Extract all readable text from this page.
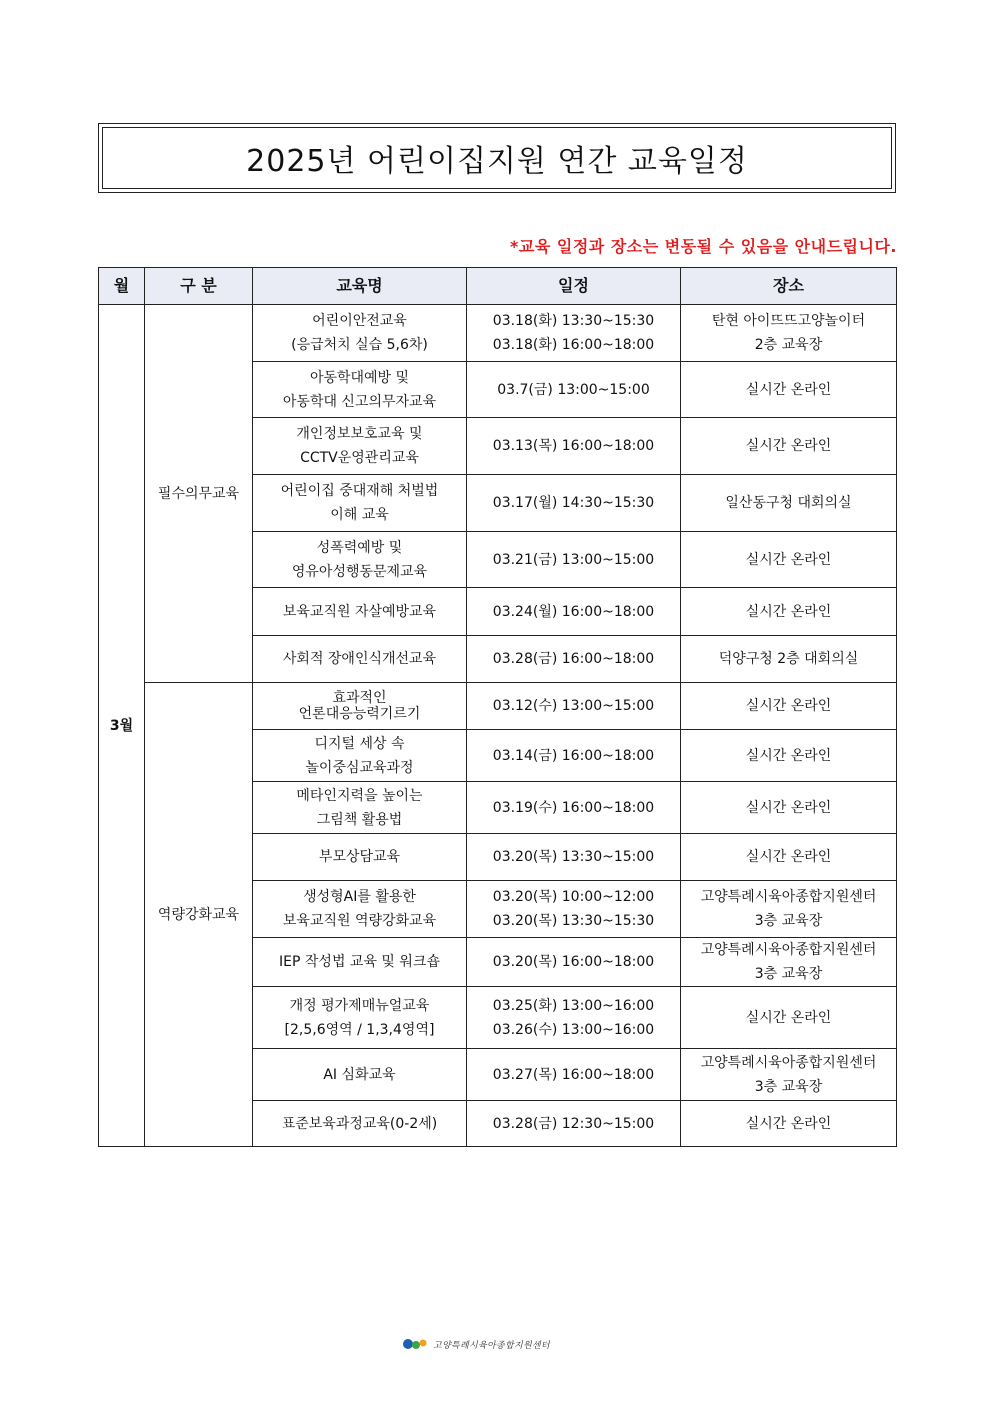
2025년 어린이집지원 연간 교육일정
*교육 일정과 장소는 변동될 수 있음을 안내드립니다.
월	구 분	교육명	일정	장소
3월	필수의무교육	어린이안전교육
(응급처치 실습 5,6차)	03.18(화) 13:30~15:30
03.18(화) 16:00~18:00	탄현 아이뜨뜨고양놀이터
2층 교육장

		아동학대예방 및
아동학대 신고의무자교육	03.7(금) 13:00~15:00	실시간 온라인

		개인정보보호교육 및
CCTV운영관리교육	03.13(목) 16:00~18:00	실시간 온라인

		어린이집 중대재해 처벌법
이해 교육	03.17(월) 14:30~15:30	일산동구청 대회의실

		성폭력예방 및
영유아성행동문제교육	03.21(금) 13:00~15:00	실시간 온라인

		보육교직원 자살예방교육	03.24(월) 16:00~18:00	실시간 온라인

		사회적 장애인식개선교육	03.28(금) 16:00~18:00	덕양구청 2층 대회의실

	역량강화교육	효과적인
언론대응능력기르기	03.12(수) 13:00~15:00	실시간 온라인

		디지털 세상 속
놀이중심교육과정	03.14(금) 16:00~18:00	실시간 온라인

		메타인지력을 높이는
그림책 활용법	03.19(수) 16:00~18:00	실시간 온라인

		부모상담교육	03.20(목) 13:30~15:00	실시간 온라인

		생성형AI를 활용한
보육교직원 역량강화교육	03.20(목) 10:00~12:00
03.20(목) 13:30~15:30	고양특례시육아종합지원센터
3층 교육장

		IEP 작성법 교육 및 워크숍	03.20(목) 16:00~18:00	고양특례시육아종합지원센터
3층 교육장

		개정 평가제매뉴얼교육
[2,5,6영역 / 1,3,4영역]	03.25(화) 13:00~16:00
03.26(수) 13:00~16:00	실시간 온라인

		AI 심화교육	03.27(목) 16:00~18:00	고양특례시육아종합지원센터
3층 교육장

		표준보육과정교육(0-2세)	03.28(금) 12:30~15:00	실시간 온라인
고양특례시육아종합지원센터
